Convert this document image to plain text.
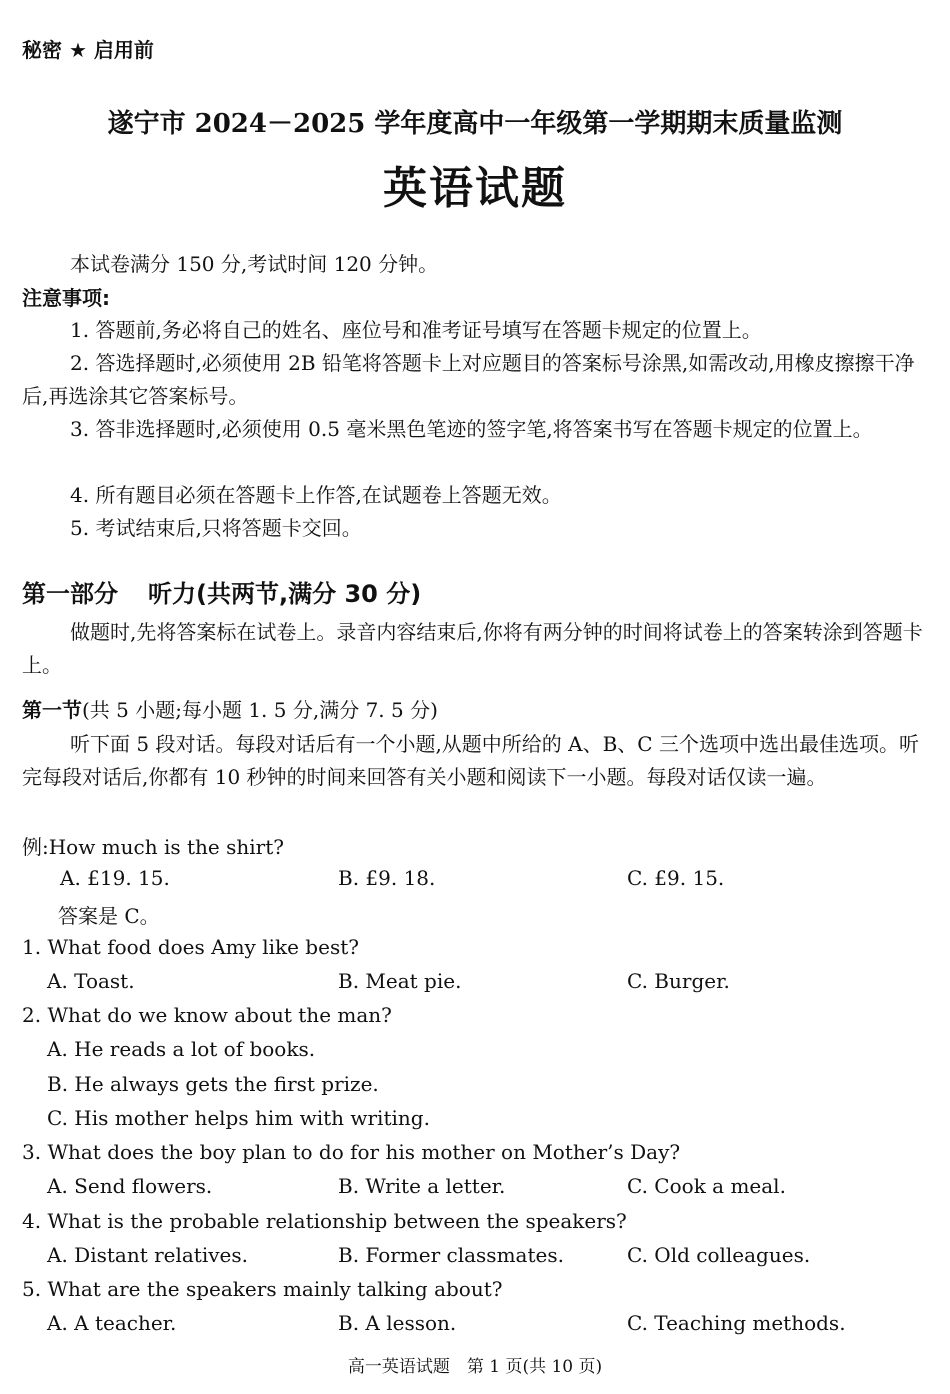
秘密 ★ 启用前
遂宁市 2024－2025 学年度高中一年级第一学期期末质量监测
英语试题
本试卷满分 150 分,考试时间 120 分钟。
注意事项:
1. 答题前,务必将自己的姓名、座位号和准考证号填写在答题卡规定的位置上。
2. 答选择题时,必须使用 2B 铅笔将答题卡上对应题目的答案标号涂黑,如需改动,用橡皮擦擦干净后,再选涂其它答案标号。
3. 答非选择题时,必须使用 0.5 毫米黑色笔迹的签字笔,将答案书写在答题卡规定的位置上。
4. 所有题目必须在答题卡上作答,在试题卷上答题无效。
5. 考试结束后,只将答题卡交回。
第一部分 听力(共两节,满分 30 分)
做题时,先将答案标在试卷上。录音内容结束后,你将有两分钟的时间将试卷上的答案转涂到答题卡上。
第一节(共 5 小题;每小题 1. 5 分,满分 7. 5 分)
听下面 5 段对话。每段对话后有一个小题,从题中所给的 A、B、C 三个选项中选出最佳选项。听完每段对话后,你都有 10 秒钟的时间来回答有关小题和阅读下一小题。每段对话仅读一遍。
例:How much is the shirt?
A. £19. 15.	B. £9. 18.	C. £9. 15.
答案是 C。
1. What food does Amy like best?
A. Toast.	B. Meat pie.	C. Burger.
2. What do we know about the man?
A. He reads a lot of books.
B. He always gets the first prize.
C. His mother helps him with writing.
3. What does the boy plan to do for his mother on Mother’s Day?
A. Send flowers.	B. Write a letter.	C. Cook a meal.
4. What is the probable relationship between the speakers?
A. Distant relatives.	B. Former classmates.	C. Old colleagues.
5. What are the speakers mainly talking about?
A. A teacher.	B. A lesson.	C. Teaching methods.
高一英语试题　第 1 页(共 10 页)
